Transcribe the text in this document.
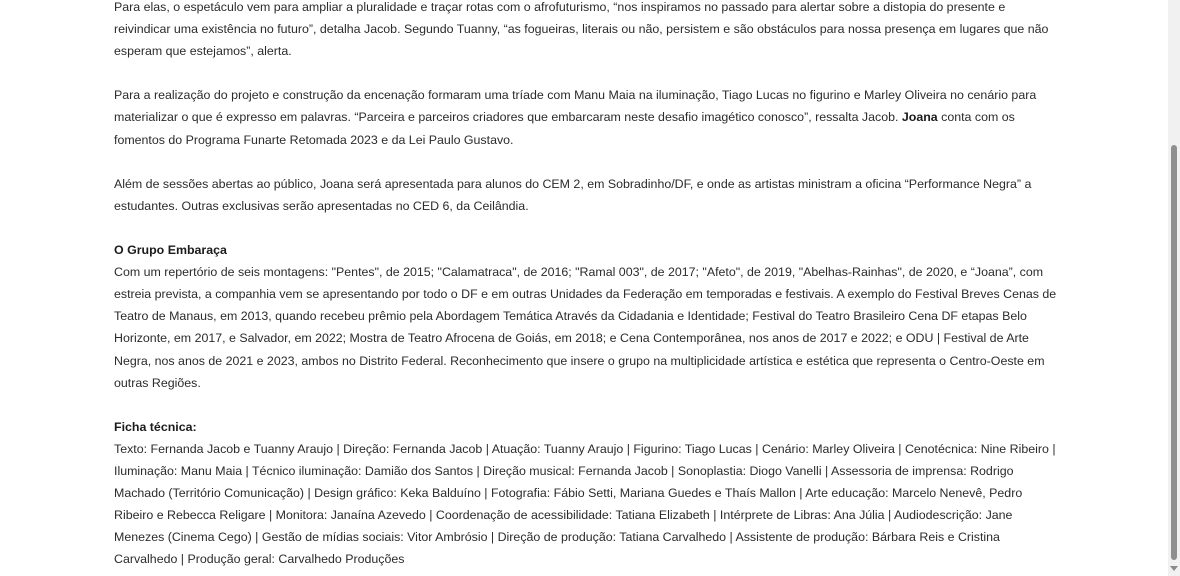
Para elas, o espetáculo vem para ampliar a pluralidade e traçar rotas com o afrofuturismo, “nos inspiramos no passado para alertar sobre a distopia do presente e reivindicar uma existência no futuro”, detalha Jacob. Segundo Tuanny, “as fogueiras, literais ou não, persistem e são obstáculos para nossa presença em lugares que não esperam que estejamos”, alerta.

Para a realização do projeto e construção da encenação formaram uma tríade com Manu Maia na iluminação, Tiago Lucas no figurino e Marley Oliveira no cenário para materializar o que é expresso em palavras. “Parceira e parceiros criadores que embarcaram neste desafio imagético conosco”, ressalta Jacob. Joana conta com os fomentos do Programa Funarte Retomada 2023 e da Lei Paulo Gustavo.

Além de sessões abertas ao público, Joana será apresentada para alunos do CEM 2, em Sobradinho/DF, e onde as artistas ministram a oficina “Performance Negra” a estudantes. Outras exclusivas serão apresentadas no CED 6, da Ceilândia.

O Grupo Embaraça

Com um repertório de seis montagens: "Pentes", de 2015; "Calamatraca", de 2016; "Ramal 003", de 2017; "Afeto", de 2019, "Abelhas-Rainhas", de 2020, e “Joana”, com estreia prevista, a companhia vem se apresentando por todo o DF e em outras Unidades da Federação em temporadas e festivais. A exemplo do Festival Breves Cenas de Teatro de Manaus, em 2013, quando recebeu prêmio pela Abordagem Temática Através da Cidadania e Identidade; Festival do Teatro Brasileiro Cena DF etapas Belo Horizonte, em 2017, e Salvador, em 2022; Mostra de Teatro Afrocena de Goiás, em 2018; e Cena Contemporânea, nos anos de 2017 e 2022; e ODU | Festival de Arte Negra, nos anos de 2021 e 2023, ambos no Distrito Federal. Reconhecimento que insere o grupo na multiplicidade artística e estética que representa o Centro-Oeste em outras Regiões.

Ficha técnica:

Texto: Fernanda Jacob e Tuanny Araujo | Direção: Fernanda Jacob | Atuação: Tuanny Araujo | Figurino: Tiago Lucas | Cenário: Marley Oliveira | Cenotécnica: Nine Ribeiro | Iluminação: Manu Maia | Técnico iluminação: Damião dos Santos | Direção musical: Fernanda Jacob | Sonoplastia: Diogo Vanelli | Assessoria de imprensa: Rodrigo Machado (Território Comunicação) | Design gráfico: Keka Balduíno | Fotografia: Fábio Setti, Mariana Guedes e Thaís Mallon | Arte educação: Marcelo Nenevê, Pedro Ribeiro e Rebecca Religare | Monitora: Janaína Azevedo | Coordenação de acessibilidade: Tatiana Elizabeth | Intérprete de Libras: Ana Júlia | Audiodescrição: Jane Menezes (Cinema Cego) | Gestão de mídias sociais: Vitor Ambrósio | Direção de produção: Tatiana Carvalhedo | Assistente de produção: Bárbara Reis e Cristina Carvalhedo | Produção geral: Carvalhedo Produções
